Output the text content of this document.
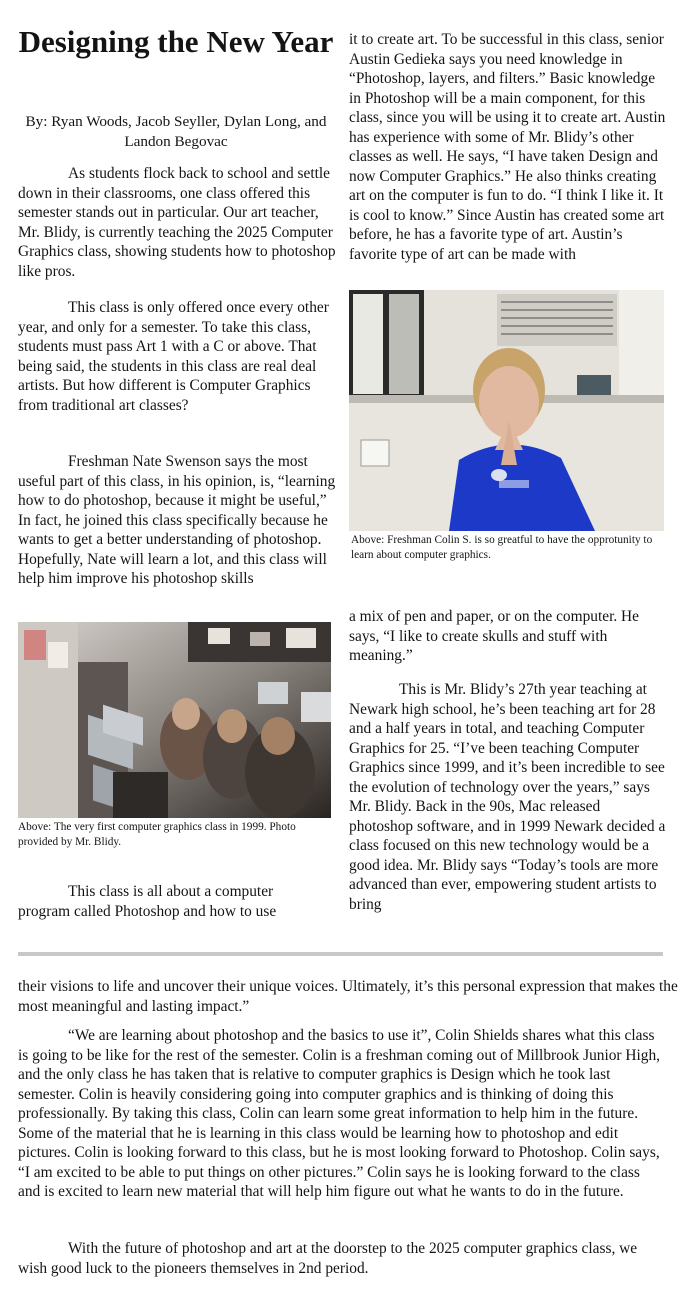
Designing the New Year
By: Ryan Woods, Jacob Seyller, Dylan Long, and Landon Begovac

As students flock back to school and settle down in their classrooms, one class offered this semester stands out in particular. Our art teacher, Mr. Blidy, is currently teaching the 2025 Computer Graphics class, showing students how to photoshop like pros.

This class is only offered once every other year, and only for a semester. To take this class, students must pass Art 1 with a C or above. That being said, the students in this class are real deal artists. But how different is Computer Graphics from traditional art classes?

Freshman Nate Swenson says the most useful part of this class, in his opinion, is, “learning how to do photoshop, because it might be useful,” In fact, he joined this class specifically because he wants to get a better understanding of photoshop. Hopefully, Nate will learn a lot, and this class will help him improve his photoshop skills

Above: The very first computer graphics class in 1999. Photo provided by Mr. Blidy.

This class is all about a computer program called Photoshop and how to use

it to create art. To be successful in this class, senior Austin Gedieka says you need knowledge in “Photoshop, layers, and filters.” Basic knowledge in Photoshop will be a main component, for this class, since you will be using it to create art. Austin has experience with some of Mr. Blidy’s other classes as well. He says, “I have taken Design and now Computer Graphics.” He also thinks creating art on the computer is fun to do. “I think I like it. It is cool to know.” Since Austin has created some art before, he has a favorite type of art. Austin’s favorite type of art can be made with

Above: Freshman Colin S. is so greatful to have the opprotunity to learn about computer graphics.

a mix of pen and paper, or on the computer. He says, “I like to create skulls and stuff with meaning.”

This is Mr. Blidy’s 27th year teaching at Newark high school, he’s been teaching art for 28 and a half years in total, and teaching Computer Graphics for 25. “I’ve been teaching Computer Graphics since 1999, and it’s been incredible to see the evolution of technology over the years,” says Mr. Blidy. Back in the 90s, Mac released photoshop software, and in 1999 Newark decided a class focused on this new technology would be a good idea. Mr. Blidy says “Today’s tools are more advanced than ever, empowering student artists to bring

their visions to life and uncover their unique voices. Ultimately, it’s this personal expression that makes the most meaningful and lasting impact.”

“We are learning about photoshop and the basics to use it”, Colin Shields shares what this class is going to be like for the rest of the semester. Colin is a freshman coming out of Millbrook Junior High, and the only class he has taken that is relative to computer graphics is Design which he took last semester. Colin is heavily considering going into computer graphics and is thinking of doing this professionally. By taking this class, Colin can learn some great information to help him in the future. Some of the material that he is learning in this class would be learning how to photoshop and edit pictures. Colin is looking forward to this class, but he is most looking forward to Photoshop. Colin says, “I am excited to be able to put things on other pictures.” Colin says he is looking forward to the class and is excited to learn new material that will help him figure out what he wants to do in the future.

With the future of photoshop and art at the doorstep to the 2025 computer graphics class, we wish good luck to the pioneers themselves in 2nd period.
